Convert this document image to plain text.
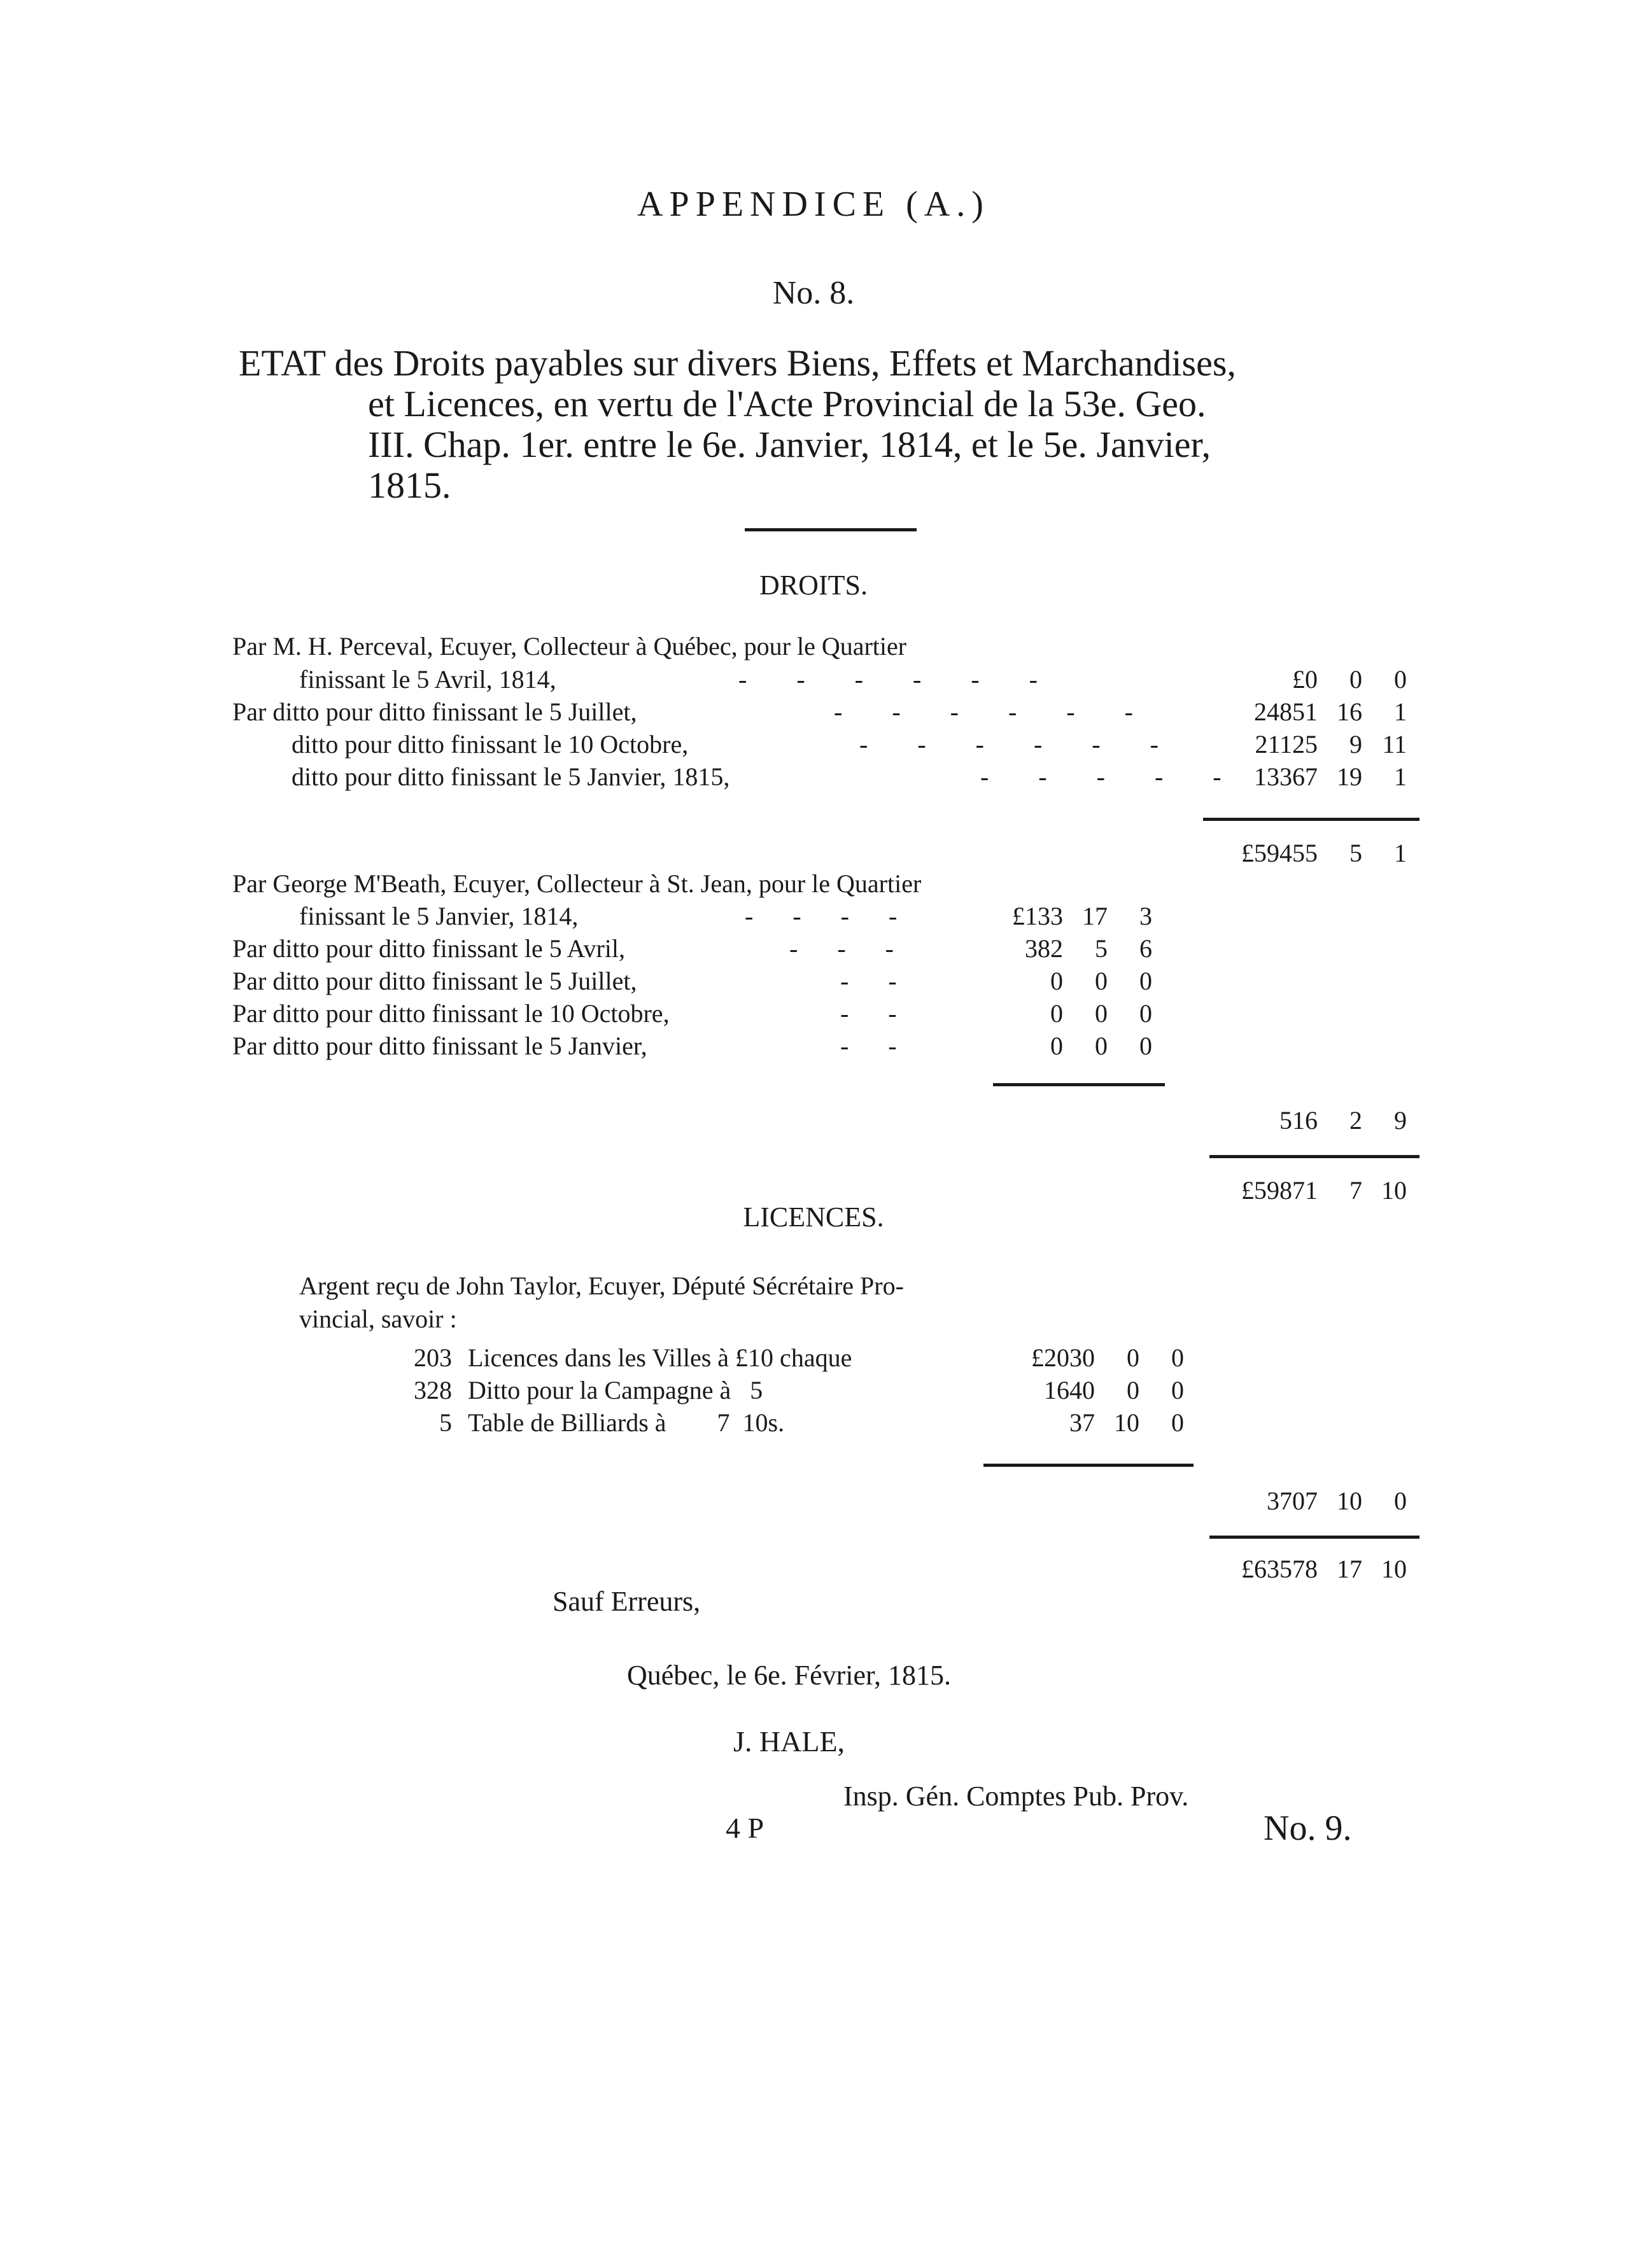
APPENDICE (A.)
No. 8.
ETAT des Droits payables sur divers Biens, Effets et Marchandises,
et Licences, en vertu de l'Acte Provincial de la 53e. Geo.
III. Chap. 1er. entre le 6e. Janvier, 1814, et le 5e. Janvier,
1815.
DROITS.
Par M. H. Perceval, Ecuyer, Collecteur à Québec, pour le Quartier
finissant le 5 Avril, 1814,	- - - - - -	£0	0	0
Par ditto pour ditto finissant le 5 Juillet,	- - - - - -	24851 16	1
ditto pour ditto finissant le 10 Octobre,	- - - - - -	21125	9 11
ditto pour ditto finissant le 5 Janvier, 1815,	- - - - - 13367 19	1
£59455	5	1
Par George M'Beath, Ecuyer, Collecteur à St. Jean, pour le Quartier
finissant le 5 Janvier, 1814,	- - - -	£133 17	3
Par ditto pour ditto finissant le 5 Avril,	- - -	382	5	6
Par ditto pour ditto finissant le 5 Juillet,	- -	0	0	0
Par ditto pour ditto finissant le 10 Octobre,	- -	0	0	0
Par ditto pour ditto finissant le 5 Janvier,	- -	0	0	0
516	2	9
£59871	7 10
LICENCES.
Argent reçu de John Taylor, Ecuyer, Député Sécrétaire Pro-
vincial, savoir :
203 Licences dans les Villes à £10 chaque	£2030	0	0
328 Ditto pour la Campagne à   5	1640	0	0
5 Table de Billiards à        7  10s.	37 10	0
3707 10	0
£63578 17 10
Sauf Erreurs,
Québec, le 6e. Février, 1815.
J. HALE,
Insp. Gén. Comptes Pub. Prov.
4 P	No. 9.
